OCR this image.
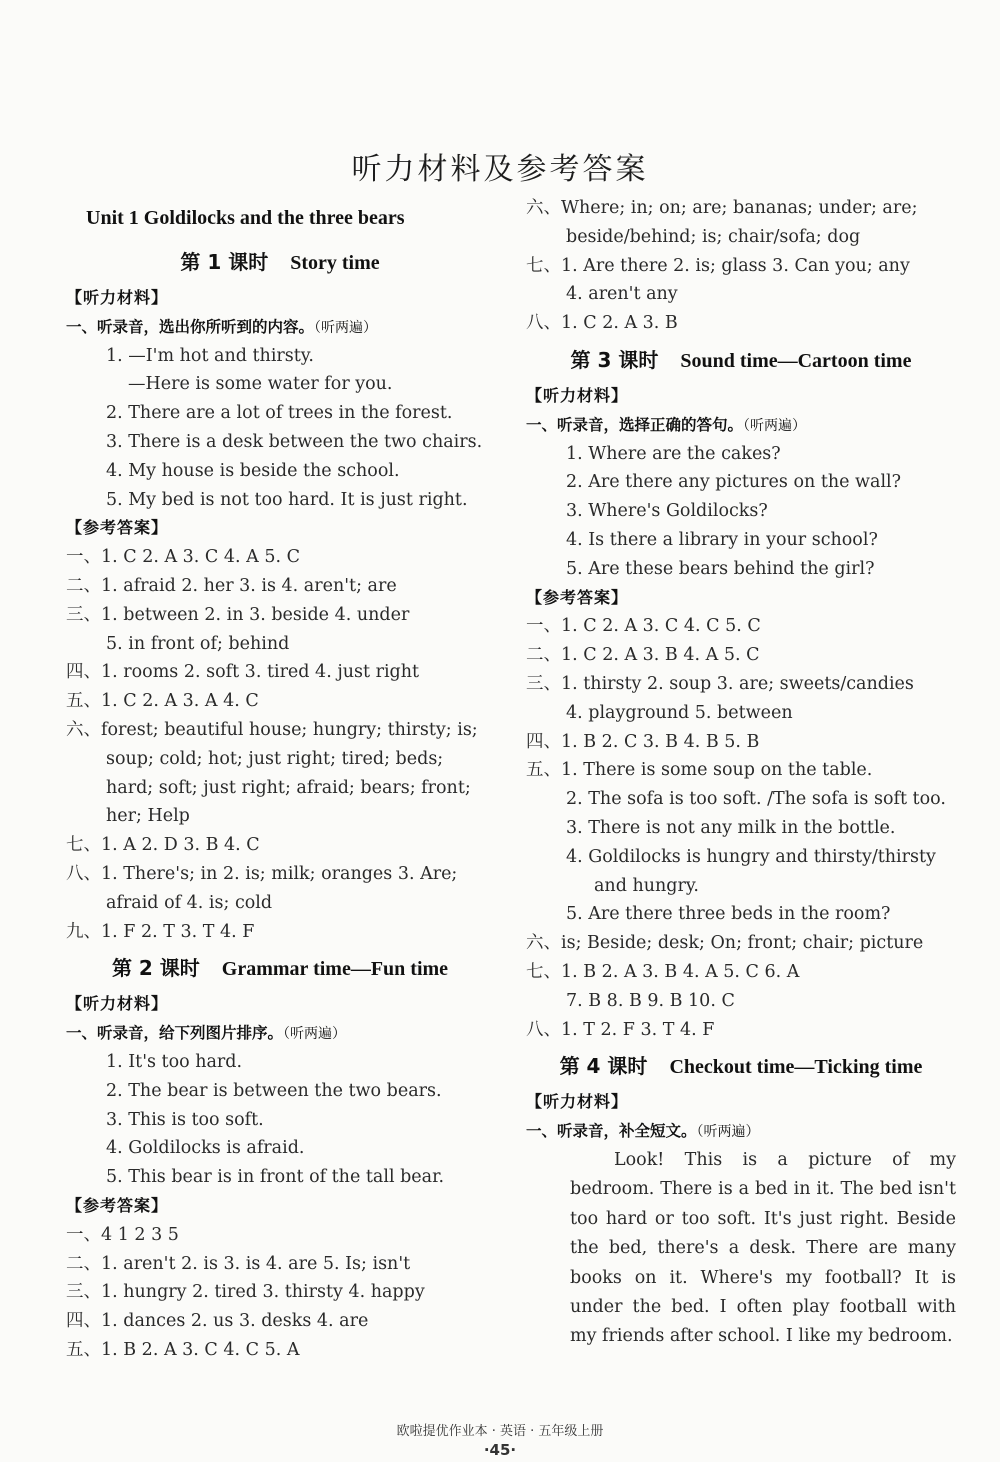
听力材料及参考答案
Unit 1 Goldilocks and the three bears
第 1 课时 Story time
【听力材料】
一、听录音，选出你所听到的内容。（听两遍）
1. —I'm hot and thirsty.
—Here is some water for you.
2. There are a lot of trees in the forest.
3. There is a desk between the two chairs.
4. My house is beside the school.
5. My bed is not too hard. It is just right.
【参考答案】
一、1. C 2. A 3. C 4. A 5. C
二、1. afraid 2. her 3. is 4. aren't; are
三、1. between 2. in 3. beside 4. under
5. in front of; behind
四、1. rooms 2. soft 3. tired 4. just right
五、1. C 2. A 3. A 4. C
六、forest; beautiful house; hungry; thirsty; is;
soup; cold; hot; just right; tired; beds;
hard; soft; just right; afraid; bears; front;
her; Help
七、1. A 2. D 3. B 4. C
八、1. There's; in 2. is; milk; oranges 3. Are;
afraid of 4. is; cold
九、1. F 2. T 3. T 4. F
第 2 课时 Grammar time—Fun time
【听力材料】
一、听录音，给下列图片排序。（听两遍）
1. It's too hard.
2. The bear is between the two bears.
3. This is too soft.
4. Goldilocks is afraid.
5. This bear is in front of the tall bear.
【参考答案】
一、4 1 2 3 5
二、1. aren't 2. is 3. is 4. are 5. Is; isn't
三、1. hungry 2. tired 3. thirsty 4. happy
四、1. dances 2. us 3. desks 4. are
五、1. B 2. A 3. C 4. C 5. A
六、Where; in; on; are; bananas; under; are;
beside/behind; is; chair/sofa; dog
七、1. Are there 2. is; glass 3. Can you; any
4. aren't any
八、1. C 2. A 3. B
第 3 课时 Sound time—Cartoon time
【听力材料】
一、听录音，选择正确的答句。（听两遍）
1. Where are the cakes?
2. Are there any pictures on the wall?
3. Where's Goldilocks?
4. Is there a library in your school?
5. Are these bears behind the girl?
【参考答案】
一、1. C 2. A 3. C 4. C 5. C
二、1. C 2. A 3. B 4. A 5. C
三、1. thirsty 2. soup 3. are; sweets/candies
4. playground 5. between
四、1. B 2. C 3. B 4. B 5. B
五、1. There is some soup on the table.
2. The sofa is too soft. /The sofa is soft too.
3. There is not any milk in the bottle.
4. Goldilocks is hungry and thirsty/thirsty
and hungry.
5. Are there three beds in the room?
六、is; Beside; desk; On; front; chair; picture
七、1. B 2. A 3. B 4. A 5. C 6. A
7. B 8. B 9. B 10. C
八、1. T 2. F 3. T 4. F
第 4 课时 Checkout time—Ticking time
【听力材料】
一、听录音，补全短文。（听两遍）
Look! This is a picture of my bedroom. There is a bed in it. The bed isn't too hard or too soft. It's just right. Beside the bed, there's a desk. There are many books on it. Where's my football? It is under the bed. I often play football with my friends after school. I like my bedroom.
欧啦提优作业本 · 英语 · 五年级上册
·45·
